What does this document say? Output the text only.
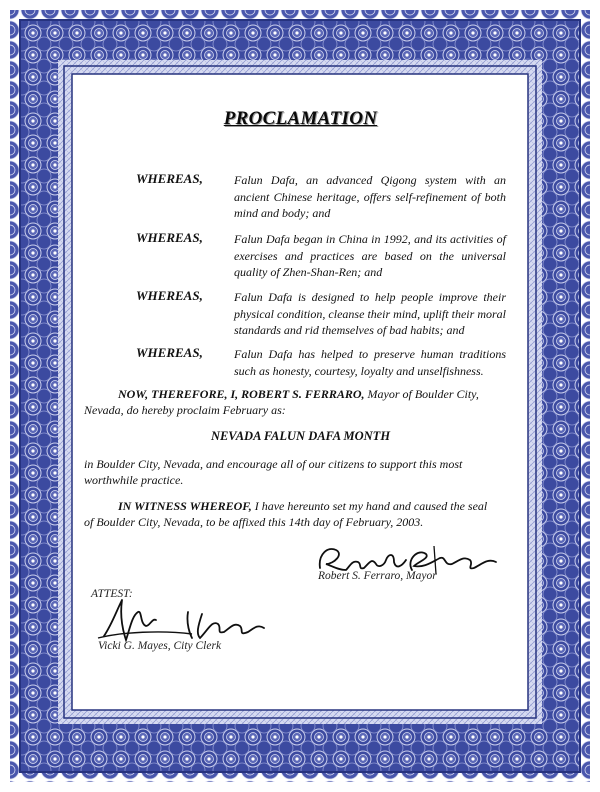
PROCLAMATION
WHEREAS,	Falun Dafa, an advanced Qigong system with an ancient Chinese heritage, offers self-refinement of both mind and body; and
WHEREAS,	Falun Dafa began in China in 1992, and its activities of exercises and practices are based on the universal quality of Zhen-Shan-Ren; and
WHEREAS,	Falun Dafa is designed to help people improve their physical condition, cleanse their mind, uplift their moral standards and rid themselves of bad habits; and
WHEREAS,	Falun Dafa has helped to preserve human traditions such as honesty, courtesy, loyalty and unselfishness.
NOW, THEREFORE, I, ROBERT S. FERRARO, Mayor of Boulder City,
Nevada, do hereby proclaim February as:
NEVADA FALUN DAFA MONTH
in Boulder City, Nevada, and encourage all of our citizens to support this most
worthwhile practice.
IN WITNESS WHEREOF, I have hereunto set my hand and caused the seal
of Boulder City, Nevada, to be affixed this 14th day of February, 2003.
Robert S. Ferraro, Mayor
ATTEST:
Vicki G. Mayes, City Clerk
